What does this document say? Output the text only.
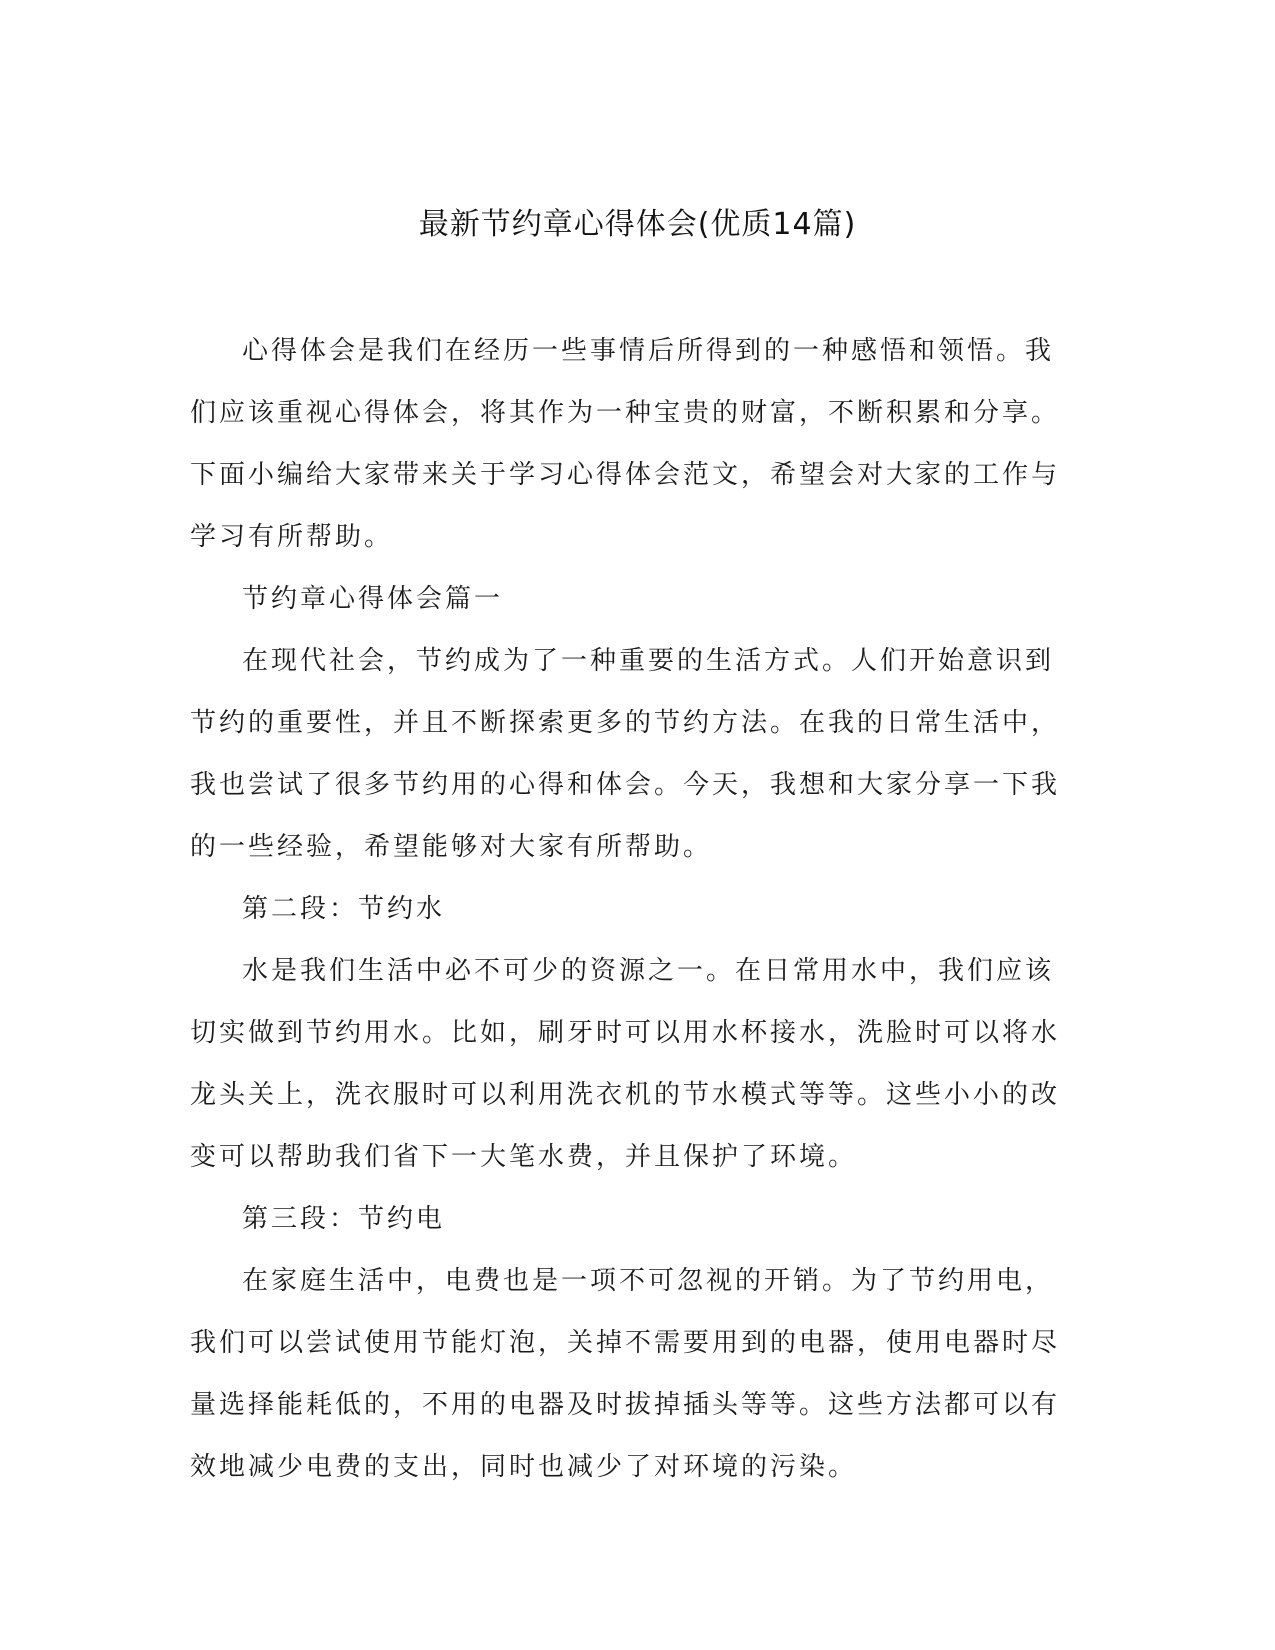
最新节约章心得体会(优质14篇)

心得体会是我们在经历一些事情后所得到的一种感悟和领悟。我们应该重视心得体会，将其作为一种宝贵的财富，不断积累和分享。下面小编给大家带来关于学习心得体会范文，希望会对大家的工作与学习有所帮助。

节约章心得体会篇一

在现代社会，节约成为了一种重要的生活方式。人们开始意识到节约的重要性，并且不断探索更多的节约方法。在我的日常生活中，我也尝试了很多节约用的心得和体会。今天，我想和大家分享一下我的一些经验，希望能够对大家有所帮助。

第二段：节约水

水是我们生活中必不可少的资源之一。在日常用水中，我们应该切实做到节约用水。比如，刷牙时可以用水杯接水，洗脸时可以将水龙头关上，洗衣服时可以利用洗衣机的节水模式等等。这些小小的改变可以帮助我们省下一大笔水费，并且保护了环境。

第三段：节约电

在家庭生活中，电费也是一项不可忽视的开销。为了节约用电，我们可以尝试使用节能灯泡，关掉不需要用到的电器，使用电器时尽量选择能耗低的，不用的电器及时拔掉插头等等。这些方法都可以有效地减少电费的支出，同时也减少了对环境的污染。
